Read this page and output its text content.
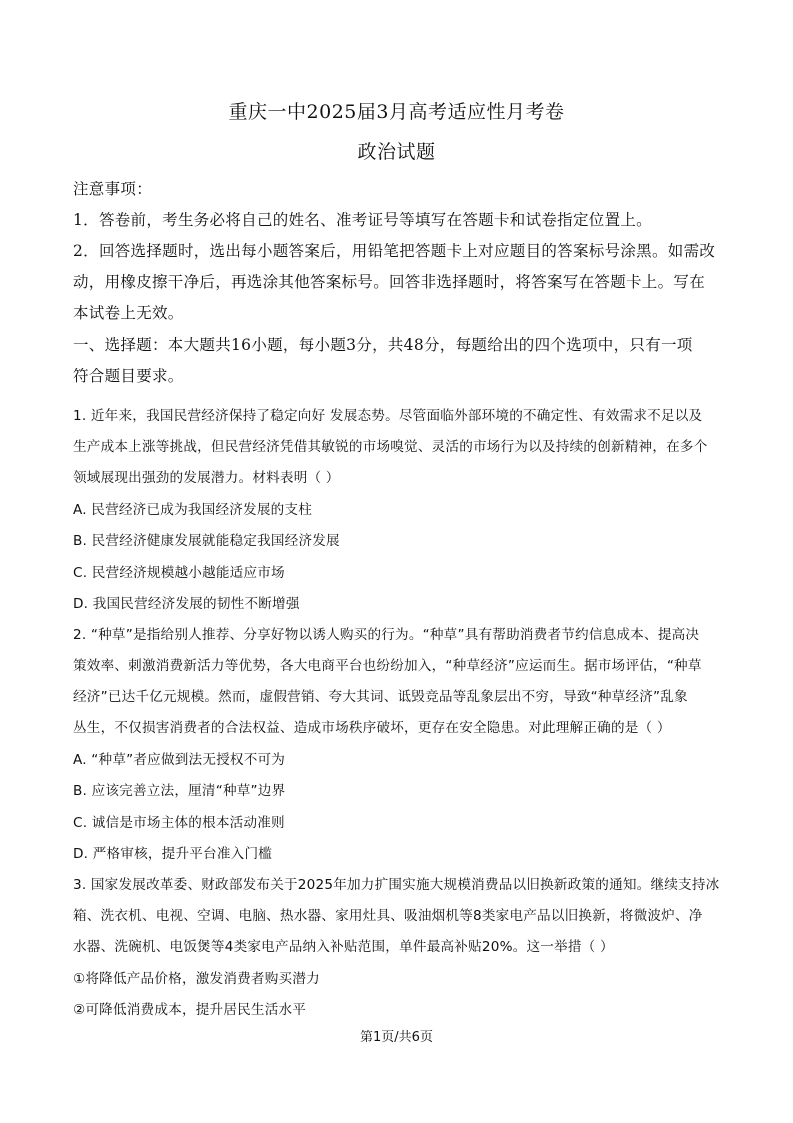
重庆一中2025届3月高考适应性月考卷
政治试题
注意事项：
1．答卷前，考生务必将自己的姓名、准考证号等填写在答题卡和试卷指定位置上。
2．回答选择题时，选出每小题答案后，用铅笔把答题卡上对应题目的答案标号涂黑。如需改
动，用橡皮擦干净后，再选涂其他答案标号。回答非选择题时，将答案写在答题卡上。写在
本试卷上无效。
一、选择题：本大题共16小题，每小题3分，共48分，每题给出的四个选项中，只有一项
符合题目要求。
1. 近年来，我国民营经济保持了稳定向好 发展态势。尽管面临外部环境的不确定性、有效需求不足以及
生产成本上涨等挑战，但民营经济凭借其敏锐的市场嗅觉、灵活的市场行为以及持续的创新精神，在多个
领域展现出强劲的发展潜力。材料表明（ ）
A. 民营经济已成为我国经济发展的支柱
B. 民营经济健康发展就能稳定我国经济发展
C. 民营经济规模越小越能适应市场
D. 我国民营经济发展的韧性不断增强
2. “种草”是指给别人推荐、分享好物以诱人购买的行为。“种草”具有帮助消费者节约信息成本、提高决
策效率、刺激消费新活力等优势，各大电商平台也纷纷加入，“种草经济”应运而生。据市场评估，“种草
经济”已达千亿元规模。然而，虚假营销、夸大其词、诋毁竞品等乱象层出不穷，导致“种草经济”乱象
丛生，不仅损害消费者的合法权益、造成市场秩序破坏，更存在安全隐患。对此理解正确的是（ ）
A. “种草”者应做到法无授权不可为
B. 应该完善立法，厘清“种草”边界
C. 诚信是市场主体的根本活动准则
D. 严格审核，提升平台准入门槛
3. 国家发展改革委、财政部发布关于2025年加力扩围实施大规模消费品以旧换新政策的通知。继续支持冰
箱、洗衣机、电视、空调、电脑、热水器、家用灶具、吸油烟机等8类家电产品以旧换新，将微波炉、净
水器、洗碗机、电饭煲等4类家电产品纳入补贴范围，单件最高补贴20%。这一举措（ ）
①将降低产品价格，激发消费者购买潜力
②可降低消费成本，提升居民生活水平
第1页/共6页
